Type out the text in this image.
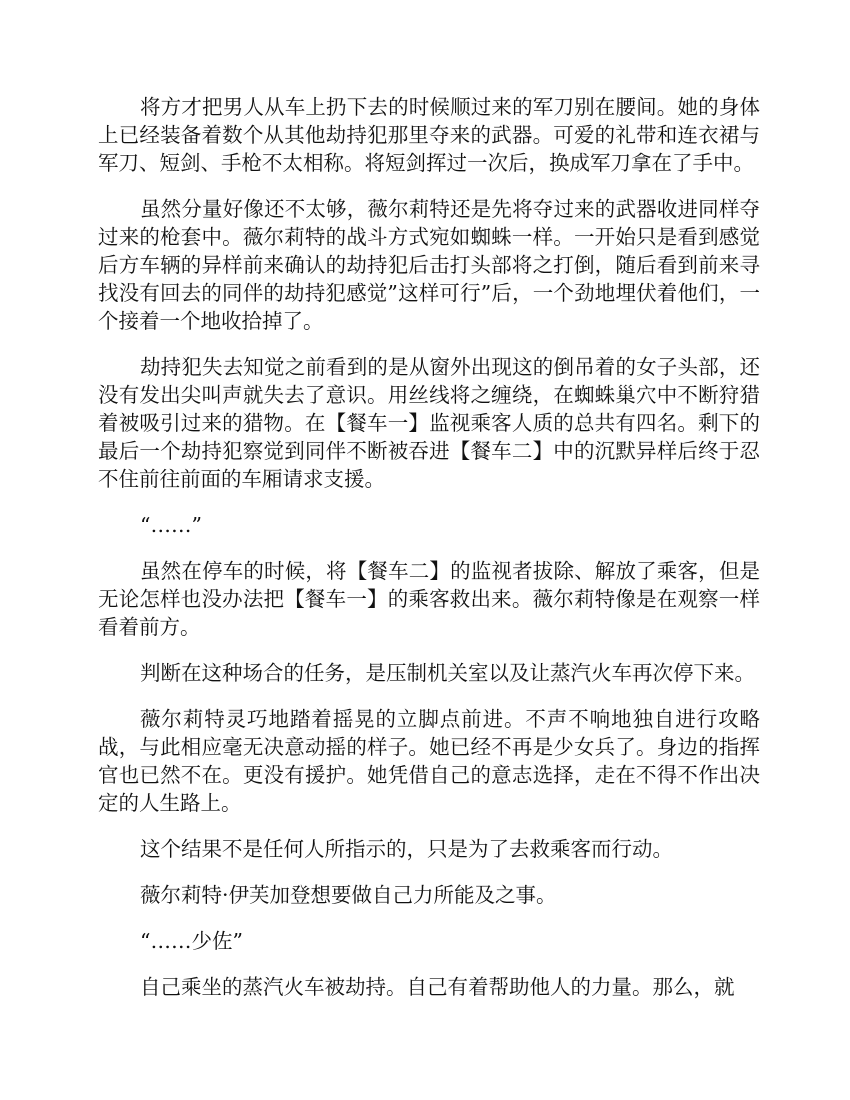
将方才把男人从车上扔下去的时候顺过来的军刀别在腰间。她的身体上已经装备着数个从其他劫持犯那里夺来的武器。可爱的礼带和连衣裙与军刀、短剑、手枪不太相称。将短剑挥过一次后，换成军刀拿在了手中。

虽然分量好像还不太够，薇尔莉特还是先将夺过来的武器收进同样夺过来的枪套中。薇尔莉特的战斗方式宛如蜘蛛一样。一开始只是看到感觉后方车辆的异样前来确认的劫持犯后击打头部将之打倒，随后看到前来寻找没有回去的同伴的劫持犯感觉”这样可行”后，一个劲地埋伏着他们，一个接着一个地收拾掉了。

劫持犯失去知觉之前看到的是从窗外出现这的倒吊着的女子头部，还没有发出尖叫声就失去了意识。用丝线将之缠绕，在蜘蛛巢穴中不断狩猎着被吸引过来的猎物。在【餐车一】监视乘客人质的总共有四名。剩下的最后一个劫持犯察觉到同伴不断被吞进【餐车二】中的沉默异样后终于忍不住前往前面的车厢请求支援。

“……”

虽然在停车的时候，将【餐车二】的监视者拔除、解放了乘客，但是无论怎样也没办法把【餐车一】的乘客救出来。薇尔莉特像是在观察一样看着前方。

判断在这种场合的任务，是压制机关室以及让蒸汽火车再次停下来。

薇尔莉特灵巧地踏着摇晃的立脚点前进。不声不响地独自进行攻略战，与此相应毫无决意动摇的样子。她已经不再是少女兵了。身边的指挥官也已然不在。更没有援护。她凭借自己的意志选择，走在不得不作出决定的人生路上。

这个结果不是任何人所指示的，只是为了去救乘客而行动。

薇尔莉特·伊芙加登想要做自己力所能及之事。

“……少佐”

自己乘坐的蒸汽火车被劫持。自己有着帮助他人的力量。那么，就
